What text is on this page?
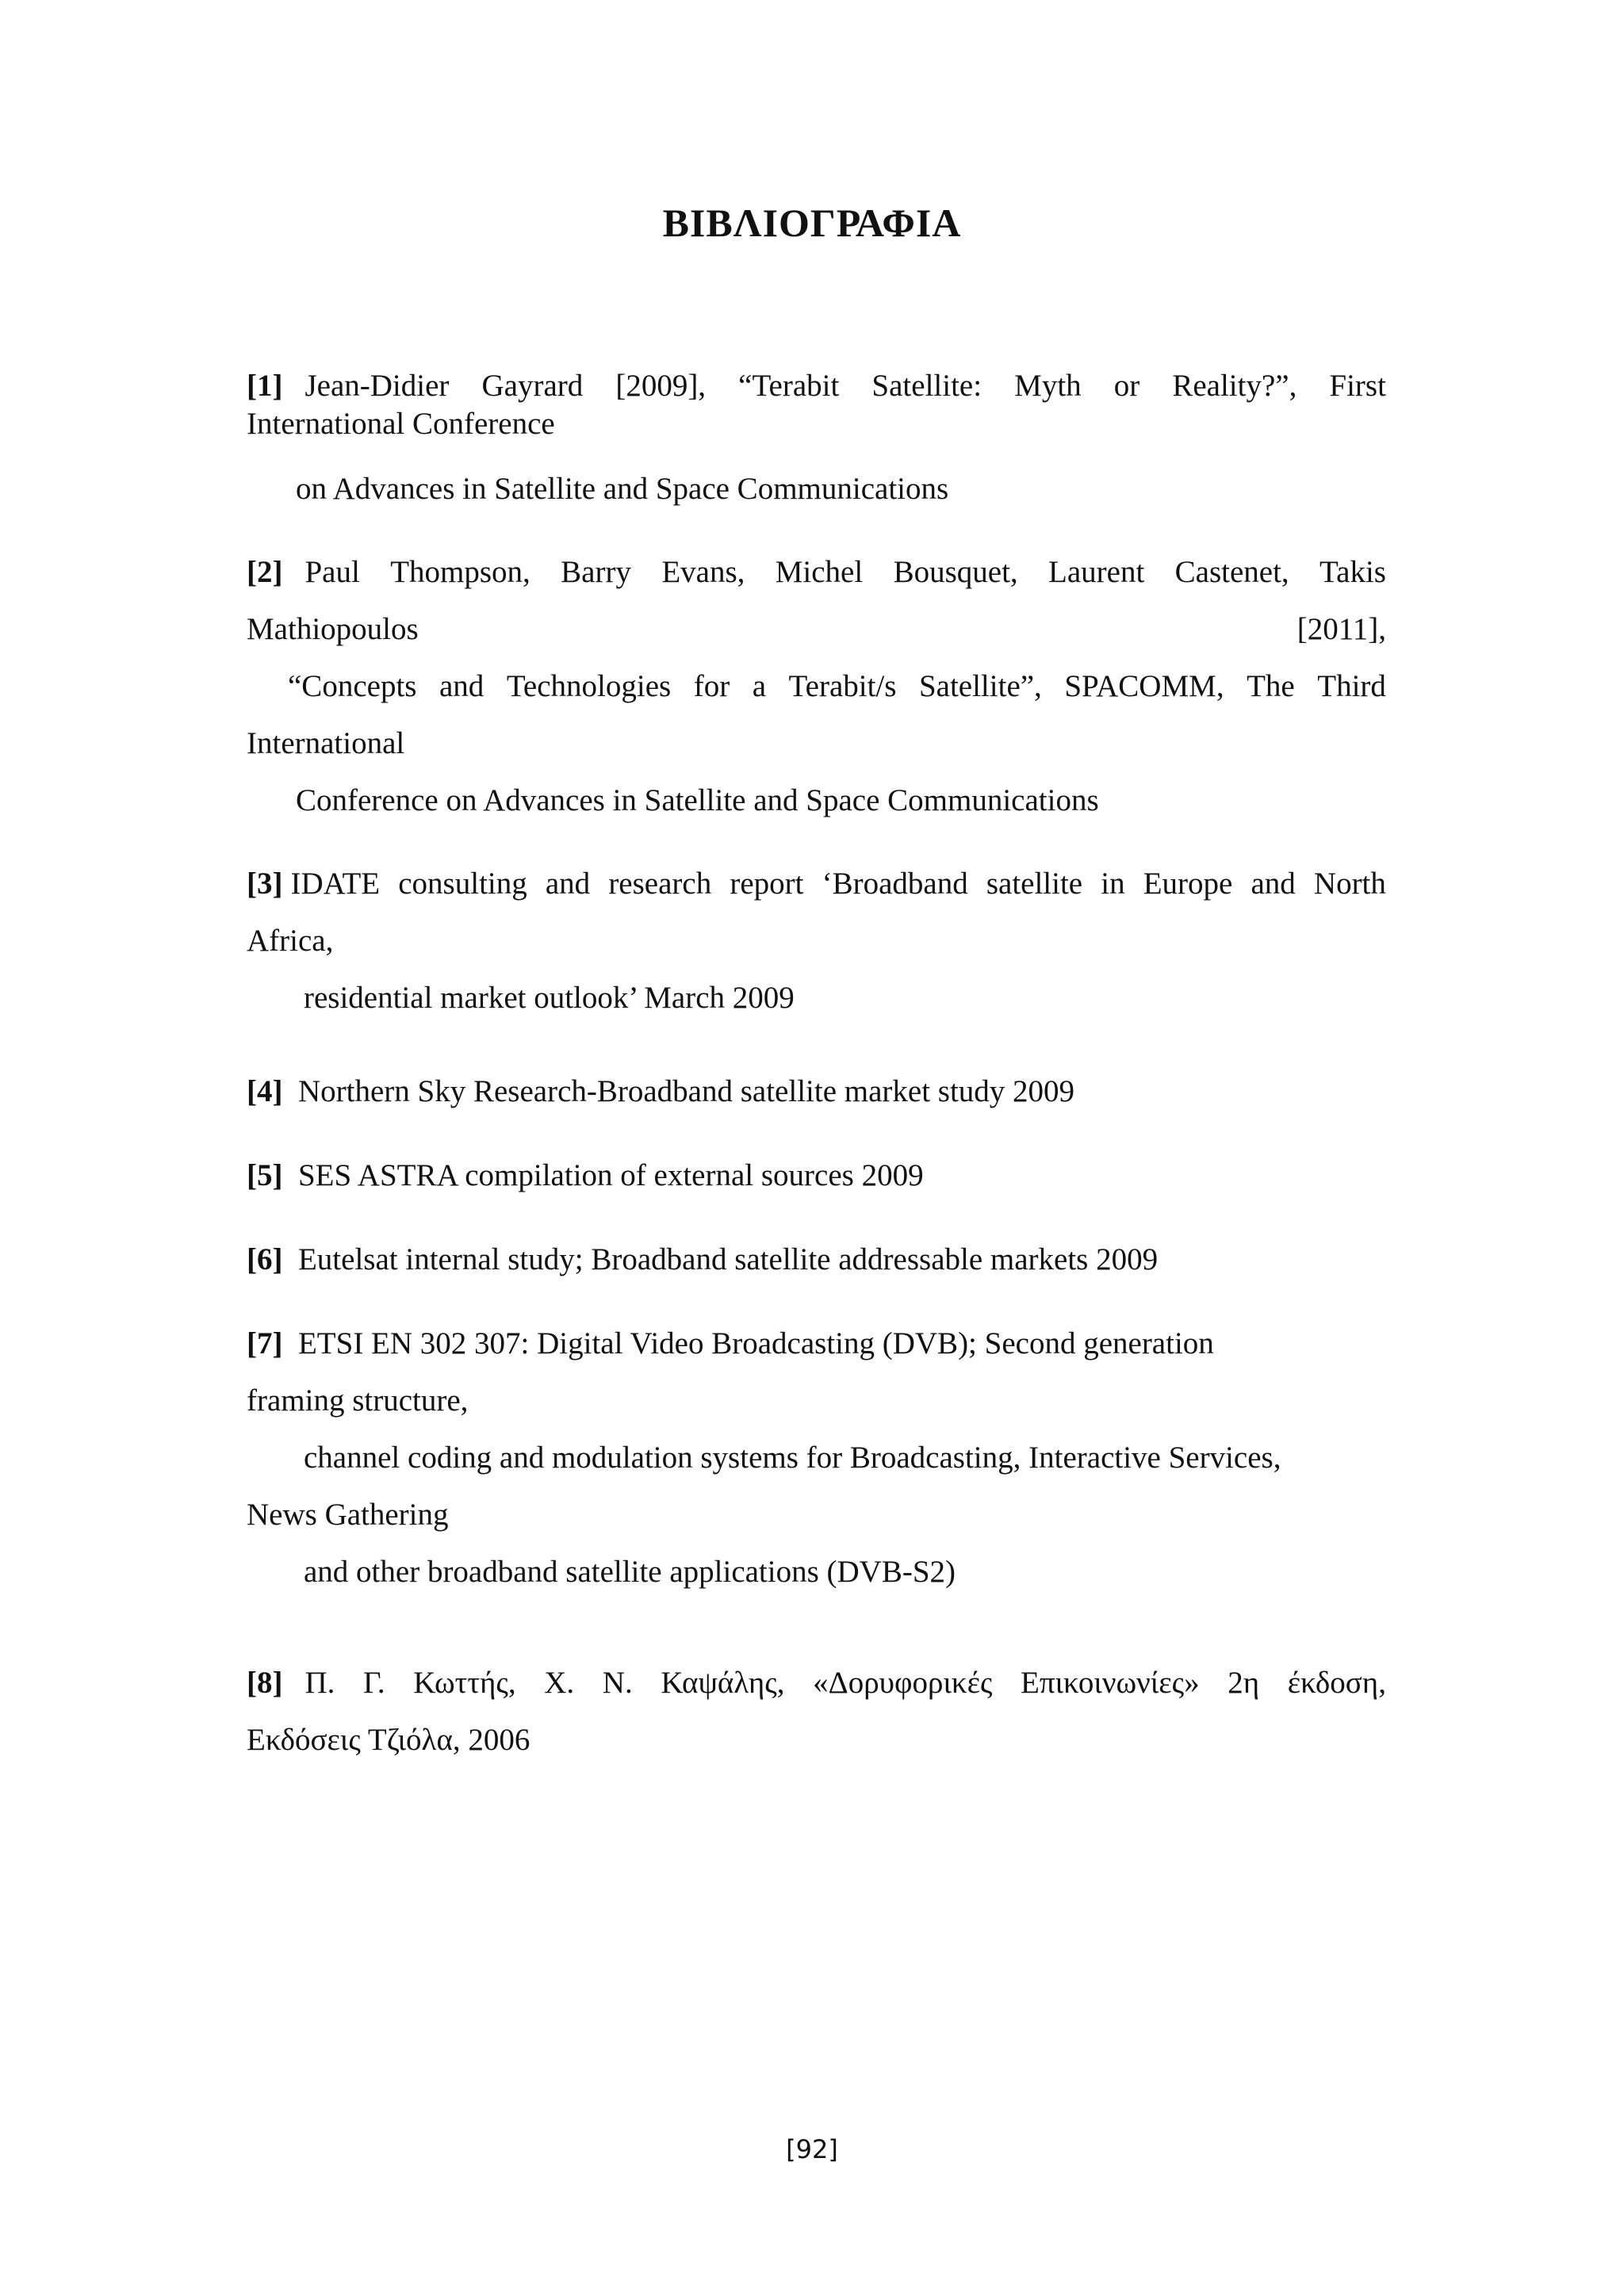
ΒΙΒΛΙΟΓΡΑΦΙΑ
[1] Jean-Didier Gayrard [2009], “Terabit Satellite: Myth or Reality?”, First
International Conference
on Advances in Satellite and Space Communications
[2] Paul Thompson, Barry Evans, Michel Bousquet, Laurent Castenet, Takis
Mathiopoulos	[2011],
“Concepts and Technologies for a Terabit/s Satellite”, SPACOMM, The Third
International
Conference on Advances in Satellite and Space Communications
[3] IDATE consulting and research report ‘Broadband satellite in Europe and North
Africa,
residential market outlook’ March 2009
[4] Northern Sky Research-Broadband satellite market study 2009
[5] SES ASTRA compilation of external sources 2009
[6] Eutelsat internal study; Broadband satellite addressable markets 2009
[7] ETSI EN 302 307: Digital Video Broadcasting (DVB); Second generation
framing structure,
channel coding and modulation systems for Broadcasting, Interactive Services,
News Gathering
and other broadband satellite applications (DVB-S2)
[8] Π. Γ. Κωττής, Χ. Ν. Καψάλης, «Δορυφορικές Επικοινωνίες» 2η έκδοση,
Εκδόσεις Τζιόλα, 2006
[92]
